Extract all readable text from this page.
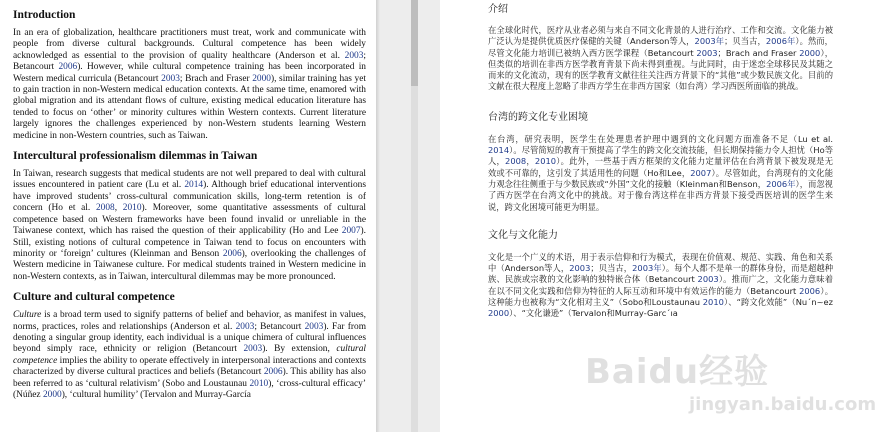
Introduction

In an era of globalization, healthcare practitioners must treat, work and communicate with people from diverse cultural backgrounds. Cultural competence has been widely acknowledged as essential to the provision of quality healthcare (Anderson et al. 2003; Betancourt 2006). However, while cultural competence training has been incorporated in Western medical curricula (Betancourt 2003; Brach and Fraser 2000), similar training has yet to gain traction in non-Western medical education contexts. At the same time, enamored with global migration and its attendant flows of culture, existing medical education literature has tended to focus on ‘other’ or minority cultures within Western contexts. Current literature largely ignores the challenges experienced by non-Western students learning Western medicine in non-Western countries, such as Taiwan.

Intercultural professionalism dilemmas in Taiwan

In Taiwan, research suggests that medical students are not well prepared to deal with cultural issues encountered in patient care (Lu et al. 2014). Although brief educational interventions have improved students’ cross-cultural communication skills, long-term retention is of concern (Ho et al. 2008, 2010). Moreover, some quantitative assessments of cultural competence based on Western frameworks have been found invalid or unreliable in the Taiwanese context, which has raised the question of their applicability (Ho and Lee 2007). Still, existing notions of cultural competence in Taiwan tend to focus on encounters with minority or ‘foreign’ cultures (Kleinman and Benson 2006), overlooking the challenges of Western medicine in Taiwanese culture. For medical students trained in Western medicine in non-Western contexts, as in Taiwan, intercultural dilemmas may be more pronounced.

Culture and cultural competence

Culture is a broad term used to signify patterns of belief and behavior, as manifest in values, norms, practices, roles and relationships (Anderson et al. 2003; Betancourt 2003). Far from denoting a singular group identity, each individual is a unique chimera of cultural influences beyond simply race, ethnicity or religion (Betancourt 2003). By extension, cultural competence implies the ability to operate effectively in interpersonal interactions and contexts characterized by diverse cultural practices and beliefs (Betancourt 2006). This ability has also been referred to as ‘cultural relativism’ (Sobo and Loustaunau 2010), ‘cross-cultural efficacy’ (Núñez 2000), ‘cultural humility’ (Tervalon and Murray-García

介绍

在全球化时代，医疗从业者必须与来自不同文化背景的人进行治疗、工作和交流。文化能力被广泛认为是提供优质医疗保健的关键（Anderson等人，2003年；贝当古，2006年）。然而，尽管文化能力培训已被纳入西方医学课程（Betancourt 2003；Brach and Fraser 2000），但类似的培训在非西方医学教育背景下尚未得到重视。与此同时，由于迷恋全球移民及其随之而来的文化流动，现有的医学教育文献往往关注西方背景下的“其他”或少数民族文化。目前的文献在很大程度上忽略了非西方学生在非西方国家（如台湾）学习西医所面临的挑战。

台湾的跨文化专业困境

在台湾，研究表明，医学生在处理患者护理中遇到的文化问题方面准备不足（Lu et al. 2014）。尽管简短的教育干预提高了学生的跨文化交流技能，但长期保持能力令人担忧（Ho等人，2008，2010）。此外，一些基于西方框架的文化能力定量评估在台湾背景下被发现是无效或不可靠的，这引发了其适用性的问题（Ho和Lee，2007）。尽管如此，台湾现有的文化能力观念往往侧重于与少数民族或“外国”文化的接触（Kleinman和Benson，2006年），而忽视了西方医学在台湾文化中的挑战。对于像台湾这样在非西方背景下接受西医培训的医学生来说，跨文化困境可能更为明显。

文化与文化能力

文化是一个广义的术语，用于表示信仰和行为模式，表现在价值观、规范、实践、角色和关系中（Anderson等人，2003；贝当古，2003年）。每个人都不是单一的群体身份，而是超越种族、民族或宗教的文化影响的独特嵌合体（Betancourt 2003）。推而广之，文化能力意味着在以不同文化实践和信仰为特征的人际互动和环境中有效运作的能力（Betancourt 2006）。这种能力也被称为“文化相对主义”（Sobo和Loustaunau 2010）、“跨文化效能”（Nu´n~ez 2000）、“文化谦逊”（Tervalon和Murray-Garc´ıa

Baidu经验
jingyan.baidu.com
